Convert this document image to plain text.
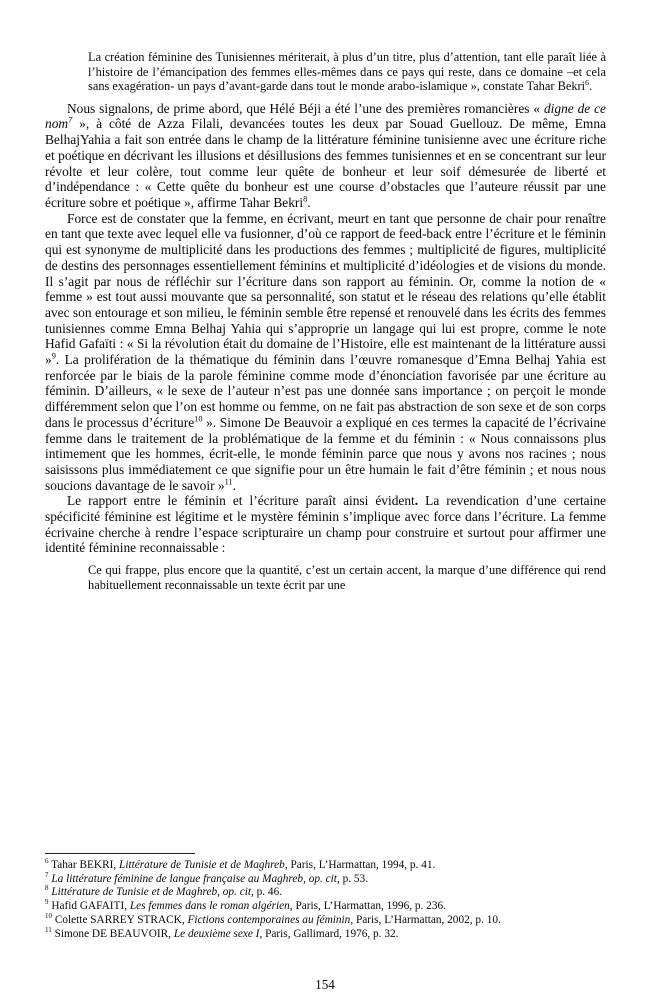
La création féminine des Tunisiennes mériterait, à plus d’un titre, plus d’attention, tant elle paraît liée à l’histoire de l’émancipation des femmes elles-mêmes dans ce pays qui reste, dans ce domaine –et cela sans exagération- un pays d’avant-garde dans tout le monde arabo-islamique », constate Tahar Bekri$^6$.

Nous signalons, de prime abord, que Hélé Béji a été l’une des premières romancières « digne de ce nom$^7$ », à côté de Azza Filali, devancées toutes les deux par Souad Guellouz. De même, Emna BelhajYahia a fait son entrée dans le champ de la littérature féminine tunisienne avec une écriture riche et poétique en décrivant les illusions et désillusions des femmes tunisiennes et en se concentrant sur leur révolte et leur colère, tout comme leur quête de bonheur et leur soif démesurée de liberté et d’indépendance : « Cette quête du bonheur est une course d’obstacles que l’auteure réussit par une écriture sobre et poétique », affirme Tahar Bekri$^8$.

Force est de constater que la femme, en écrivant, meurt en tant que personne de chair pour renaître en tant que texte avec lequel elle va fusionner, d’où ce rapport de feed-back entre l’écriture et le féminin qui est synonyme de multiplicité dans les productions des femmes ; multiplicité de figures, multiplicité de destins des personnages essentiellement féminins et multiplicité d’idéologies et de visions du monde. Il s’agit par nous de réfléchir sur l’écriture dans son rapport au féminin. Or, comme la notion de « femme » est tout aussi mouvante que sa personnalité, son statut et le réseau des relations qu’elle établit avec son entourage et son milieu, le féminin semble être repensé et renouvelé dans les écrits des femmes tunisiennes comme Emna Belhaj Yahia qui s’approprie un langage qui lui est propre, comme le note Hafid Gafaïti : « Si la révolution était du domaine de l’Histoire, elle est maintenant de la littérature aussi »$^9$. La prolifération de la thématique du féminin dans l’œuvre romanesque d’Emna Belhaj Yahia est renforcée par le biais de la parole féminine comme mode d’énonciation favorisée par une écriture au féminin. D’ailleurs, « le sexe de l’auteur n’est pas une donnée sans importance ; on perçoit le monde différemment selon que l’on est homme ou femme, on ne fait pas abstraction de son sexe et de son corps dans le processus d’écriture$^{10}$ ». Simone De Beauvoir a expliqué en ces termes la capacité de l’écrivaine femme dans le traitement de la problématique de la femme et du féminin : « Nous connaissons plus intimement que les hommes, écrit-elle, le monde féminin parce que nous y avons nos racines ; nous saisissons plus immédiatement ce que signifie pour un être humain le fait d’être féminin ; et nous nous soucions davantage de le savoir »$^{11}$.

Le rapport entre le féminin et l’écriture paraît ainsi évident. La revendication d’une certaine spécificité féminine est légitime et le mystère féminin s’implique avec force dans l’écriture. La femme écrivaine cherche à rendre l’espace scripturaire un champ pour construire et surtout pour affirmer une identité féminine reconnaissable :

Ce qui frappe, plus encore que la quantité, c’est un certain accent, la marque d’une différence qui rend habituellement reconnaissable un texte écrit par une
$^6$ Tahar BEKRI, Littérature de Tunisie et de Maghreb, Paris, L’Harmattan, 1994, p. 41.
$^7$ La littérature féminine de langue française au Maghreb, op. cit, p. 53.
$^8$ Littérature de Tunisie et de Maghreb, op. cit, p. 46.
$^9$ Hafid GAFAITI, Les femmes dans le roman algérien, Paris, L’Harmattan, 1996, p. 236.
$^{10}$ Colette SARREY STRACK, Fictions contemporaines au féminin, Paris, L’Harmattan, 2002, p. 10.
$^{11}$ Simone DE BEAUVOIR, Le deuxième sexe I, Paris, Gallimard, 1976, p. 32.
154
